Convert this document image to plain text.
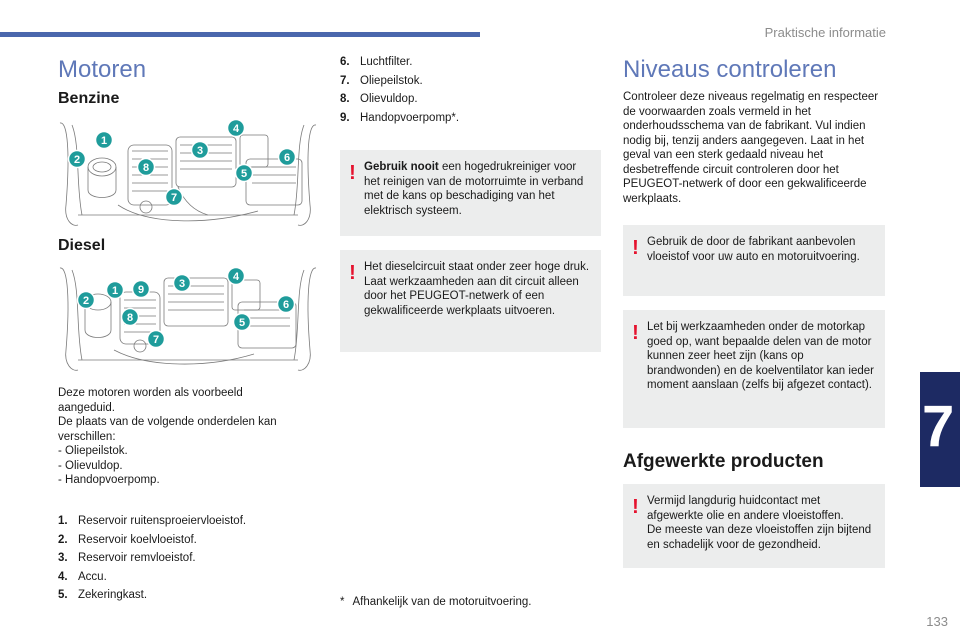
Praktische informatie
7
Motoren
Benzine
1
2
3
4
5
6
7
8
Diesel
1
2
3
4
5
6
7
8
9

Deze motoren worden als voorbeeld

aangeduid.

De plaats van de volgende onderdelen kan

verschillen:

- Oliepeilstok.

- Olievuldop.

- Handopvoerpomp.

1. Reservoir ruitensproeiervloeistof.
2. Reservoir koelvloeistof.
3. Reservoir remvloeistof.
4. Accu.
5. Zekeringkast.
6. Luchtfilter.
7. Oliepeilstok.
8. Olievuldop.
9. Handopvoerpomp*.
! Gebruik nooit een hogedrukreiniger voor het reinigen van de motorruimte in verband met de kans op beschadiging van het elektrisch systeem.

! Het dieselcircuit staat onder zeer hoge druk.

Laat werkzaamheden aan dit circuit alleen door het PEUGEOT-netwerk of een gekwalificeerde werkplaats uitvoeren.

* Afhankelijk van de motoruitvoering.
Niveaus controleren
Controleer deze niveaus regelmatig en respecteer de voorwaarden zoals vermeld in het onderhoudsschema van de fabrikant. Vul indien nodig bij, tenzij anders aangegeven. Laat in het geval van een sterk gedaald niveau het desbetreffende circuit controleren door het PEUGEOT-netwerk of door een gekwalificeerde werkplaats.
! Gebruik de door de fabrikant aanbevolen vloeistof voor uw auto en motoruitvoering.

! Let bij werkzaamheden onder de motorkap goed op, want bepaalde delen van de motor kunnen zeer heet zijn (kans op brandwonden) en de koelventilator kan ieder moment aanslaan (zelfs bij afgezet contact).

Afgewerkte producten
! Vermijd langdurig huidcontact met afgewerkte olie en andere vloeistoffen.

De meeste van deze vloeistoffen zijn bijtend en schadelijk voor de gezondheid.

133
